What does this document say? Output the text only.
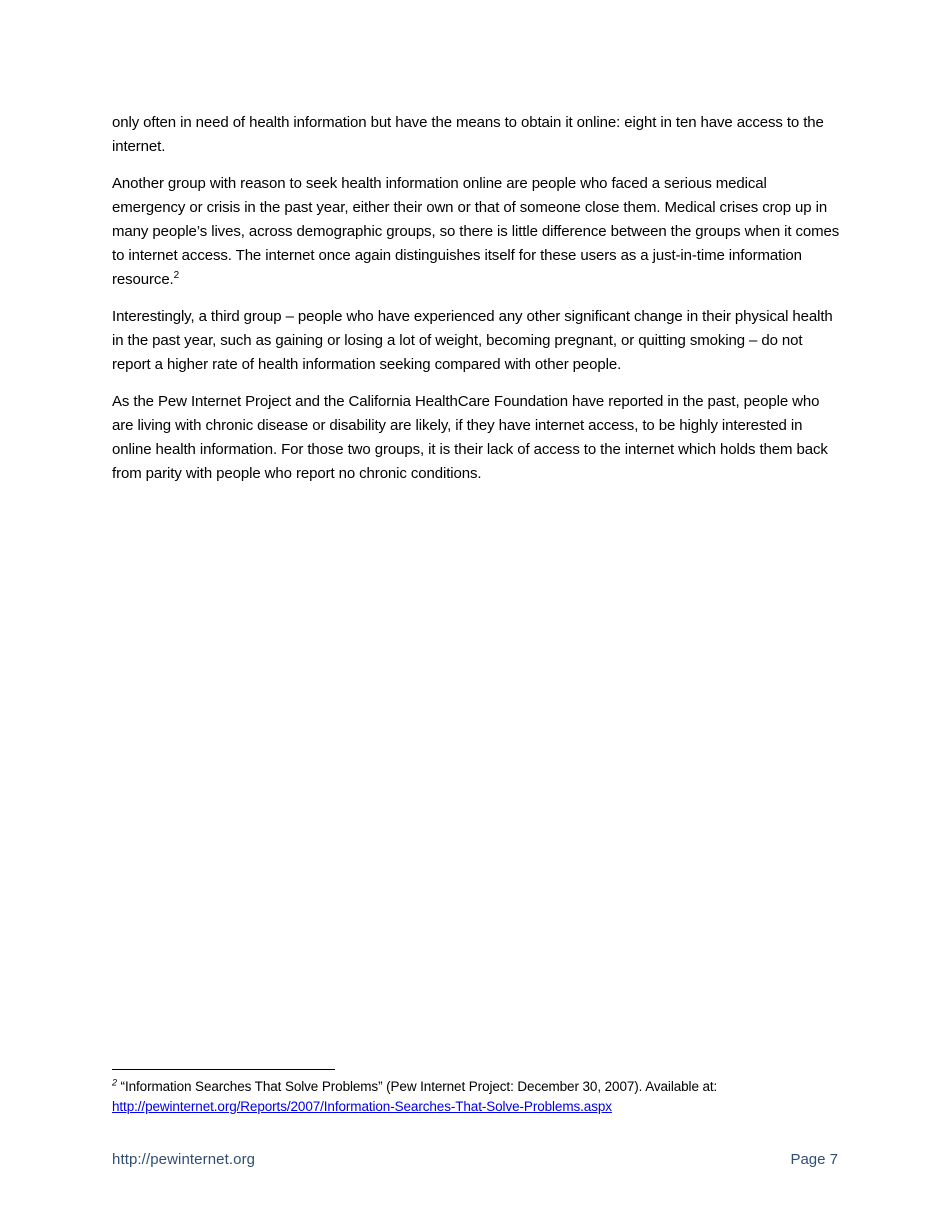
only often in need of health information but have the means to obtain it online: eight in ten have access to the internet.

Another group with reason to seek health information online are people who faced a serious medical emergency or crisis in the past year, either their own or that of someone close them. Medical crises crop up in many people’s lives, across demographic groups, so there is little difference between the groups when it comes to internet access. The internet once again distinguishes itself for these users as a just-in-time information resource.$^2$

Interestingly, a third group – people who have experienced any other significant change in their physical health in the past year, such as gaining or losing a lot of weight, becoming pregnant, or quitting smoking – do not report a higher rate of health information seeking compared with other people.

As the Pew Internet Project and the California HealthCare Foundation have reported in the past, people who are living with chronic disease or disability are likely, if they have internet access, to be highly interested in online health information. For those two groups, it is their lack of access to the internet which holds them back from parity with people who report no chronic conditions.

$^2$ “Information Searches That Solve Problems” (Pew Internet Project: December 30, 2007). Available at:
http://pewinternet.org/Reports/2007/Information-Searches-That-Solve-Problems.aspx
http://pewinternet.org	Page 7
